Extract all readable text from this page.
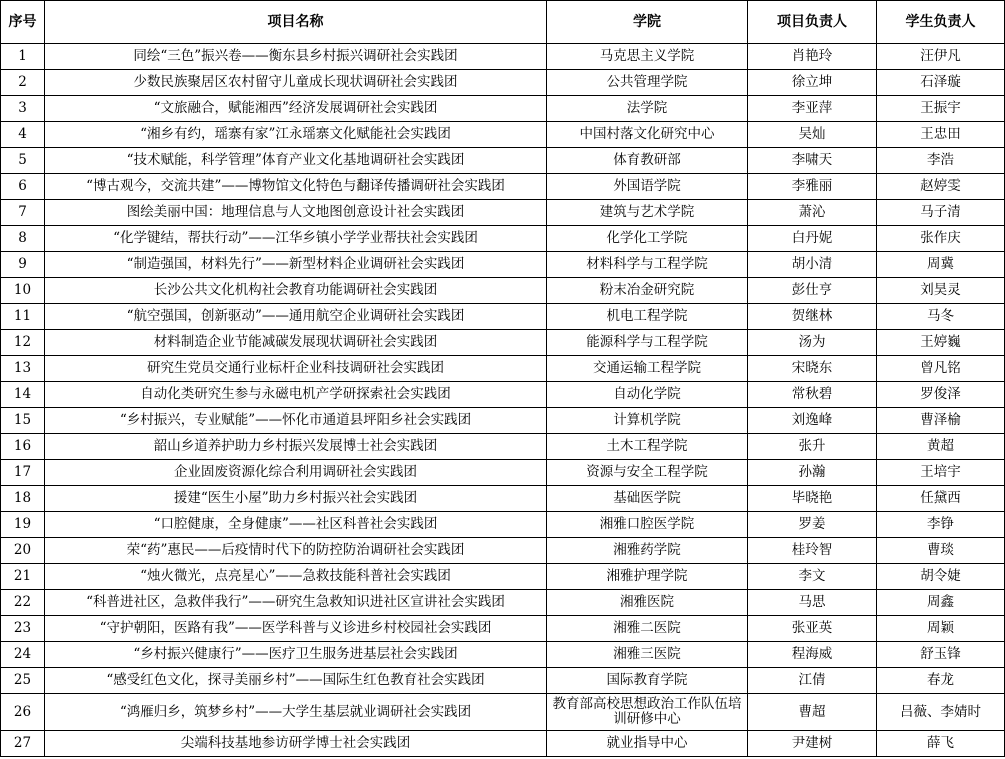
序号	项目名称	学院	项目负责人	学生负责人
1	同绘“三色”振兴卷——衡东县乡村振兴调研社会实践团	马克思主义学院	肖艳玲	汪伊凡
2	少数民族聚居区农村留守儿童成长现状调研社会实践团	公共管理学院	徐立坤	石泽璇
3	“文旅融合，赋能湘西”经济发展调研社会实践团	法学院	李亚萍	王振宇
4	“湘乡有约，瑶寨有家”江永瑶寨文化赋能社会实践团	中国村落文化研究中心	吴灿	王忠田
5	“技术赋能，科学管理”体育产业文化基地调研社会实践团	体育教研部	李啸天	李浩
6	“博古观今，交流共建”——博物馆文化特色与翻译传播调研社会实践团	外国语学院	李雅丽	赵婷雯
7	图绘美丽中国：地理信息与人文地图创意设计社会实践团	建筑与艺术学院	萧沁	马子清
8	“化学键结，帮扶行动”——江华乡镇小学学业帮扶社会实践团	化学化工学院	白丹妮	张作庆
9	“制造强国，材料先行”——新型材料企业调研社会实践团	材料科学与工程学院	胡小清	周冀
10	长沙公共文化机构社会教育功能调研社会实践团	粉末冶金研究院	彭仕亨	刘昊灵
11	“航空强国，创新驱动”——通用航空企业调研社会实践团	机电工程学院	贺继林	马冬
12	材料制造企业节能减碳发展现状调研社会实践团	能源科学与工程学院	汤为	王婷巍
13	研究生党员交通行业标杆企业科技调研社会实践团	交通运输工程学院	宋晓东	曾凡铭
14	自动化类研究生参与永磁电机产学研探索社会实践团	自动化学院	常秋碧	罗俊泽
15	“乡村振兴，专业赋能”——怀化市通道县坪阳乡社会实践团	计算机学院	刘逸峰	曹泽榆
16	韶山乡道养护助力乡村振兴发展博士社会实践团	土木工程学院	张升	黄超
17	企业固废资源化综合利用调研社会实践团	资源与安全工程学院	孙瀚	王培宇
18	援建“医生小屋”助力乡村振兴社会实践团	基础医学院	毕晓艳	任黛西
19	“口腔健康，全身健康”——社区科普社会实践团	湘雅口腔医学院	罗姜	李铮
20	荣“药”惠民——后疫情时代下的防控防治调研社会实践团	湘雅药学院	桂玲智	曹琰
21	“烛火微光，点亮星心”——急救技能科普社会实践团	湘雅护理学院	李文	胡令婕
22	“科普进社区，急救伴我行”——研究生急救知识进社区宣讲社会实践团	湘雅医院	马思	周鑫
23	“守护朝阳，医路有我”——医学科普与义诊进乡村校园社会实践团	湘雅二医院	张亚英	周颖
24	“乡村振兴健康行”——医疗卫生服务进基层社会实践团	湘雅三医院	程海威	舒玉锋
25	“感受红色文化，探寻美丽乡村”——国际生红色教育社会实践团	国际教育学院	江倩	春龙
26	“鸿雁归乡，筑梦乡村”——大学生基层就业调研社会实践团	教育部高校思想政治工作队伍培训研修中心	曹超	吕薇、李婧时
27	尖端科技基地参访研学博士社会实践团	就业指导中心	尹建树	薛飞
